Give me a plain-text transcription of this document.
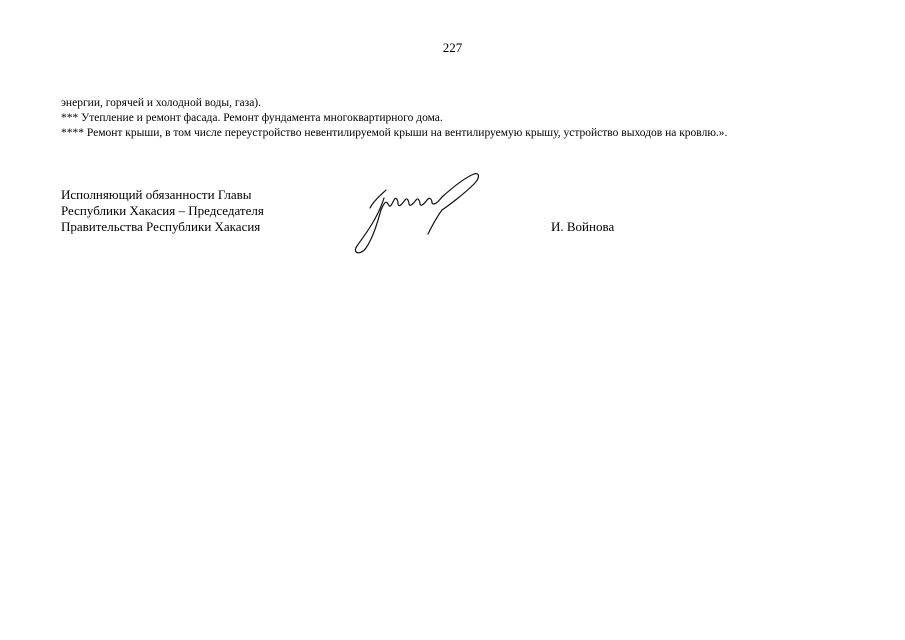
227
энергии, горячей и холодной воды, газа).
*** Утепление и ремонт фасада. Ремонт фундамента многоквартирного дома.
**** Ремонт крыши, в том числе переустройство невентилируемой крыши на вентилируемую крышу, устройство выходов на кровлю.».
Исполняющий обязанности Главы
Республики Хакасия – Председателя
Правительства Республики Хакасия	И. Войнова
